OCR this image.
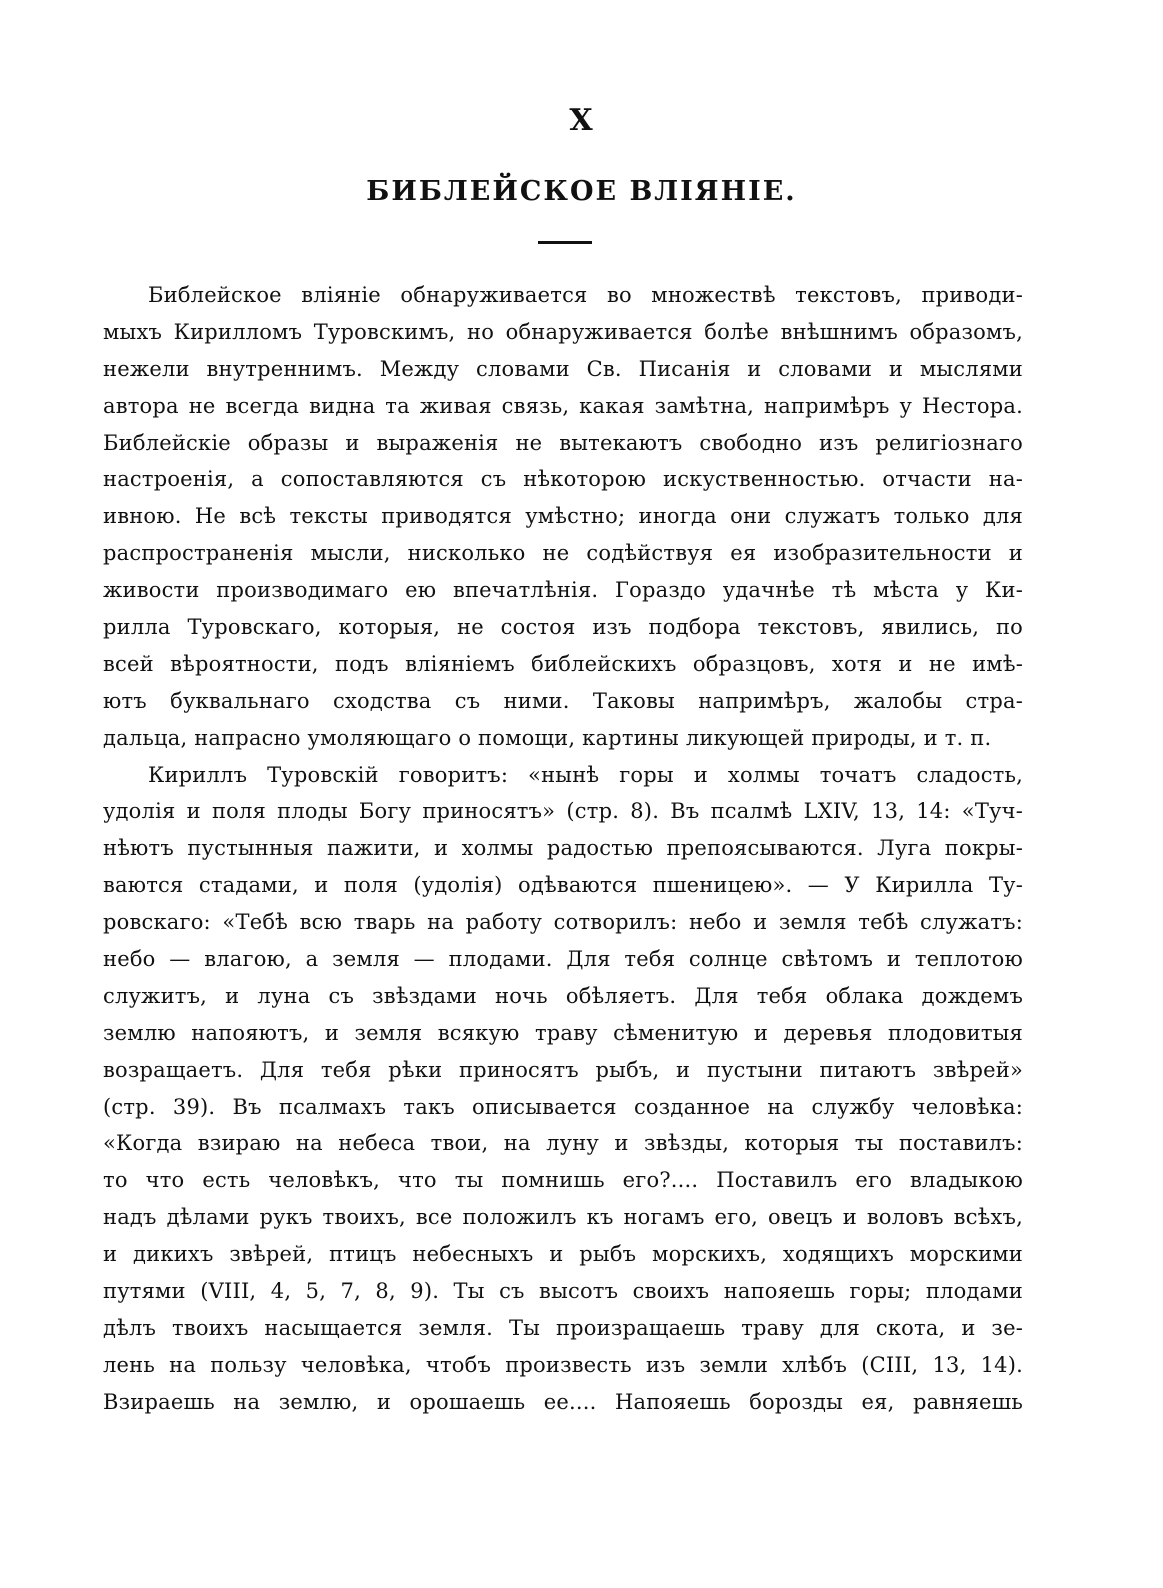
X
БИБЛЕЙСКОЕ ВЛІЯНІЕ.
Библейское вліяніе обнаруживается во множествѣ текстовъ, приводи-
мыхъ Кирилломъ Туровскимъ, но обнаруживается болѣе внѣшнимъ образомъ,
нежели внутреннимъ. Между словами Св. Писанія и словами и мыслями
автора не всегда видна та живая связь, какая замѣтна, напримѣръ у Нестора.
Библейскіе образы и выраженія не вытекаютъ свободно изъ религіознаго
настроенія, а сопоставляются съ нѣкоторою искуственностью. отчасти на-
ивною. Не всѣ тексты приводятся умѣстно; иногда они служатъ только для
распространенія мысли, нисколько не содѣйствуя ея изобразительности и
живости производимаго ею впечатлѣнія. Гораздо удачнѣе тѣ мѣста у Ки-
рилла Туровскаго, которыя, не состоя изъ подбора текстовъ, явились, по
всей вѣроятности, подъ вліяніемъ библейскихъ образцовъ, хотя и не имѣ-
ютъ буквальнаго сходства съ ними. Таковы напримѣръ, жалобы стра-
дальца, напрасно умоляющаго о помощи, картины ликующей природы, и т. п.
Кириллъ Туровскій говоритъ: «нынѣ горы и холмы точатъ сладость,
удолія и поля плоды Богу приносятъ» (стр. 8). Въ псалмѣ LXIV, 13, 14: «Туч-
нѣютъ пустынныя пажити, и холмы радостью препоясываются. Луга покры-
ваются стадами, и поля (удолія) одѣваются пшеницею». — У Кирилла Ту-
ровскаго: «Тебѣ всю тварь на работу сотворилъ: небо и земля тебѣ служатъ:
небо — влагою, а земля — плодами. Для тебя солнце свѣтомъ и теплотою
служитъ, и луна съ звѣздами ночь обѣляетъ. Для тебя облака дождемъ
землю напояютъ, и земля всякую траву сѣменитую и деревья плодовитыя
возращаетъ. Для тебя рѣки приносятъ рыбъ, и пустыни питаютъ звѣрей»
(стр. 39). Въ псалмахъ такъ описывается созданное на службу человѣка:
«Когда взираю на небеса твои, на луну и звѣзды, которыя ты поставилъ:
то что есть человѣкъ, что ты помнишь его?.... Поставилъ его владыкою
надъ дѣлами рукъ твоихъ, все положилъ къ ногамъ его, овецъ и воловъ всѣхъ,
и дикихъ звѣрей, птицъ небесныхъ и рыбъ морскихъ, ходящихъ морскими
путями (VIII, 4, 5, 7, 8, 9). Ты съ высотъ своихъ напояешь горы; плодами
дѣлъ твоихъ насыщается земля. Ты произращаешь траву для скота, и зе-
лень на пользу человѣка, чтобъ произвесть изъ земли хлѣбъ (CIII, 13, 14).
Взираешь на землю, и орошаешь ее.... Напояешь борозды ея, равняешь
